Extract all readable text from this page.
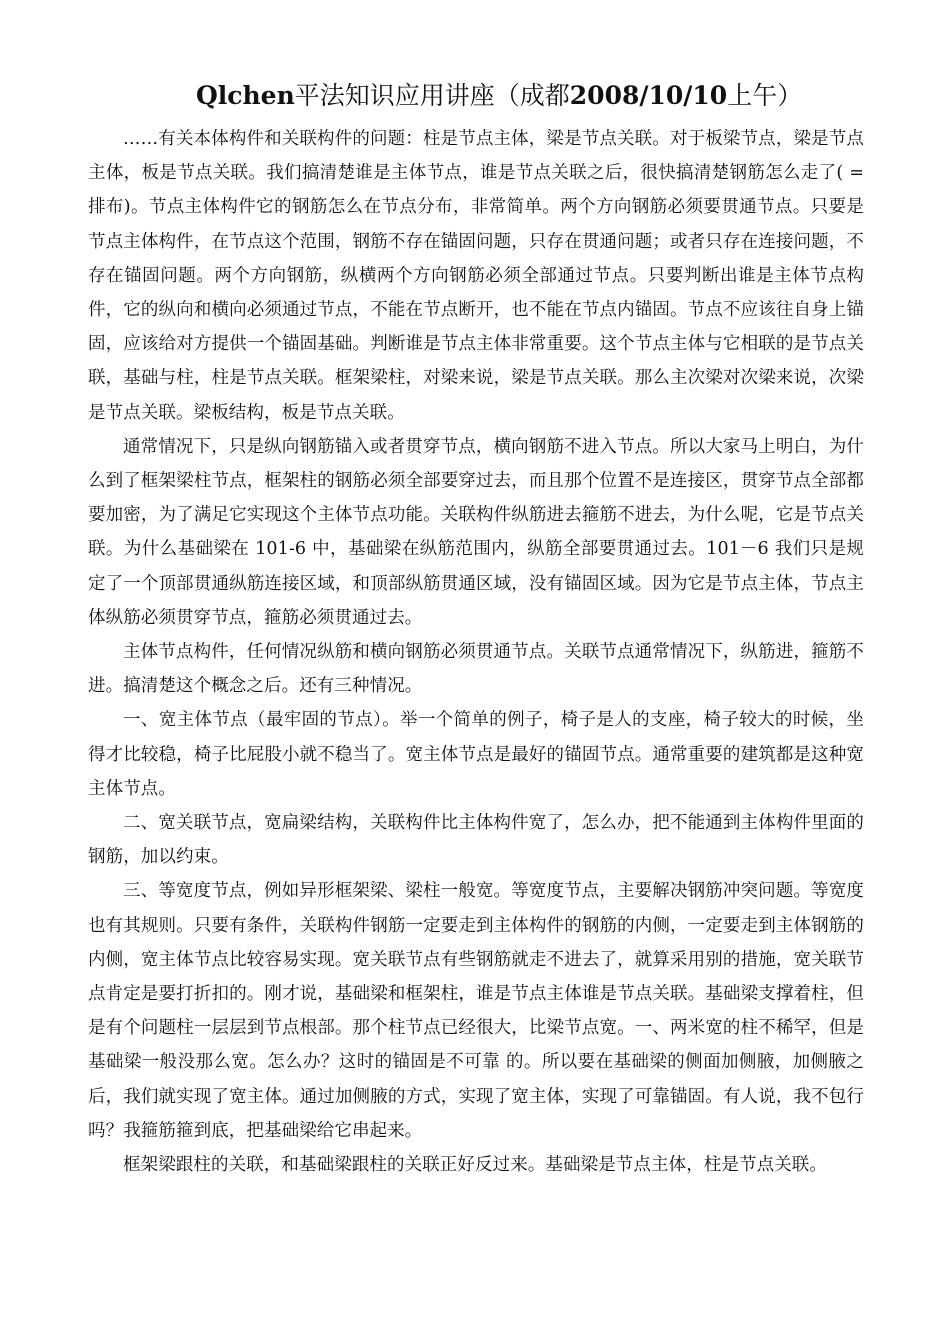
Qlchen平法知识应用讲座（成都2008/10/10上午）

……有关本体构件和关联构件的问题：柱是节点主体，梁是节点关联。对于板梁节点，梁是节点主体，板是节点关联。我们搞清楚谁是主体节点，谁是节点关联之后，很快搞清楚钢筋怎么走了( =排布)。节点主体构件它的钢筋怎么在节点分布，非常简单。两个方向钢筋必须要贯通节点。只要是节点主体构件，在节点这个范围，钢筋不存在锚固问题，只存在贯通问题；或者只存在连接问题，不存在锚固问题。两个方向钢筋，纵横两个方向钢筋必须全部通过节点。只要判断出谁是主体节点构件，它的纵向和横向必须通过节点，不能在节点断开，也不能在节点内锚固。节点不应该往自身上锚固，应该给对方提供一个锚固基础。判断谁是节点主体非常重要。这个节点主体与它相联的是节点关联，基础与柱，柱是节点关联。框架梁柱，对梁来说，梁是节点关联。那么主次梁对次梁来说，次梁是节点关联。梁板结构，板是节点关联。

通常情况下，只是纵向钢筋锚入或者贯穿节点，横向钢筋不进入节点。所以大家马上明白，为什么到了框架梁柱节点，框架柱的钢筋必须全部要穿过去，而且那个位置不是连接区，贯穿节点全部都要加密，为了满足它实现这个主体节点功能。关联构件纵筋进去箍筋不进去，为什么呢，它是节点关联。为什么基础梁在 101-6 中，基础梁在纵筋范围内，纵筋全部要贯通过去。101－6 我们只是规定了一个顶部贯通纵筋连接区域，和顶部纵筋贯通区域，没有锚固区域。因为它是节点主体，节点主体纵筋必须贯穿节点，箍筋必须贯通过去。

主体节点构件，任何情况纵筋和横向钢筋必须贯通节点。关联节点通常情况下，纵筋进，箍筋不进。搞清楚这个概念之后。还有三种情况。

一、宽主体节点（最牢固的节点）。举一个简单的例子，椅子是人的支座，椅子较大的时候，坐得才比较稳，椅子比屁股小就不稳当了。宽主体节点是最好的锚固节点。通常重要的建筑都是这种宽主体节点。

二、宽关联节点，宽扁梁结构，关联构件比主体构件宽了，怎么办，把不能通到主体构件里面的钢筋，加以约束。

三、等宽度节点，例如异形框架梁、梁柱一般宽。等宽度节点，主要解决钢筋冲突问题。等宽度也有其规则。只要有条件，关联构件钢筋一定要走到主体构件的钢筋的内侧，一定要走到主体钢筋的内侧，宽主体节点比较容易实现。宽关联节点有些钢筋就走不进去了，就算采用别的措施，宽关联节点肯定是要打折扣的。刚才说，基础梁和框架柱，谁是节点主体谁是节点关联。基础梁支撑着柱，但是有个问题柱一层层到节点根部。那个柱节点已经很大，比梁节点宽。一、两米宽的柱不稀罕，但是基础梁一般没那么宽。怎么办？这时的锚固是不可靠 的。所以要在基础梁的侧面加侧腋，加侧腋之后，我们就实现了宽主体。通过加侧腋的方式，实现了宽主体，实现了可靠锚固。有人说，我不包行吗？我箍筋箍到底，把基础梁给它串起来。

框架梁跟柱的关联，和基础梁跟柱的关联正好反过来。基础梁是节点主体，柱是节点关联。
